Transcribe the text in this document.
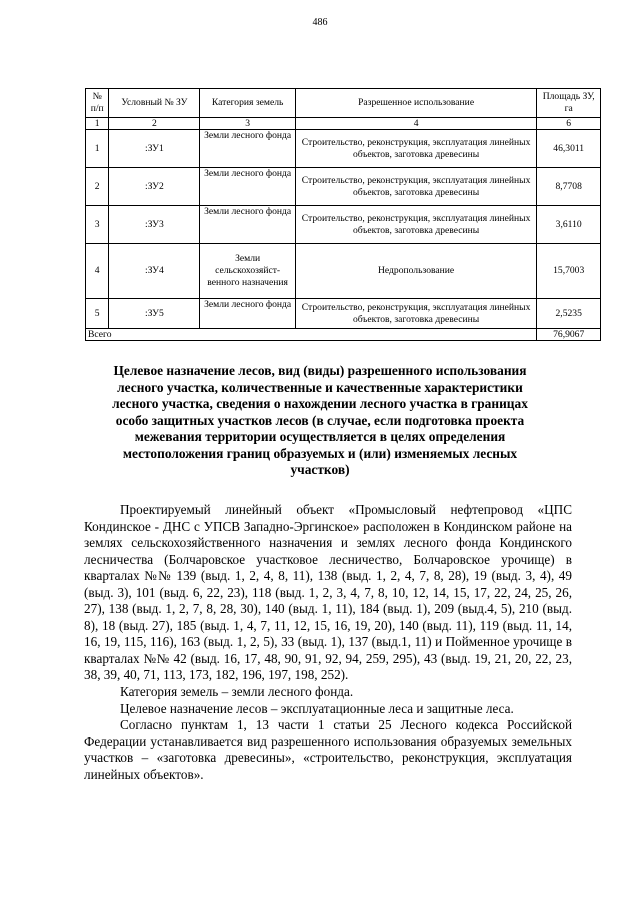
486
№ п/п	Условный № ЗУ	Категория земель	Разрешенное использование	Площадь ЗУ, га
1	2	3	4	6
1	:ЗУ1	Земли лесного фонда	Строительство, реконструкция, эксплуатация линейных объектов, заготовка древесины	46,3011
2	:ЗУ2	Земли лесного фонда	Строительство, реконструкция, эксплуатация линейных объектов, заготовка древесины	8,7708
3	:ЗУ3	Земли лесного фонда	Строительство, реконструкция, эксплуатация линейных объектов, заготовка древесины	3,6110
4	:ЗУ4	Земли сельскохозяйст-венного назначения	Недропользование	15,7003
5	:ЗУ5	Земли лесного фонда	Строительство, реконструкция, эксплуатация линейных объектов, заготовка древесины	2,5235
Всего				76,9067
Целевое назначение лесов, вид (виды) разрешенного использования лесного участка, количественные и качественные характеристики лесного участка, сведения о нахождении лесного участка в границах особо защитных участков лесов (в случае, если подготовка проекта межевания территории осуществляется в целях определения местоположения границ образуемых и (или) изменяемых лесных участков)

Проектируемый линейный объект «Промысловый нефтепровод «ЦПС Кондинское - ДНС с УПСВ Западно-Эргинское» расположен в Кондинском районе на землях сельскохозяйственного назначения и землях лесного фонда Кондинского лесничества (Болчаровское участковое лесничество, Болчаровское урочище) в кварталах №№ 139 (выд. 1, 2, 4, 8, 11), 138 (выд. 1, 2, 4, 7, 8, 28), 19 (выд. 3, 4), 49 (выд. 3), 101 (выд. 6, 22, 23), 118 (выд. 1, 2, 3, 4, 7, 8, 10, 12, 14, 15, 17, 22, 24, 25, 26, 27), 138 (выд. 1, 2, 7, 8, 28, 30), 140 (выд. 1, 11), 184 (выд. 1), 209 (выд.4, 5), 210 (выд. 8), 18 (выд. 27), 185 (выд. 1, 4, 7, 11, 12, 15, 16, 19, 20), 140 (выд. 11), 119 (выд. 11, 14, 16, 19, 115, 116), 163 (выд. 1, 2, 5), 33 (выд. 1), 137 (выд.1, 11) и Пойменное урочище в кварталах №№ 42 (выд. 16, 17, 48, 90, 91, 92, 94, 259, 295), 43 (выд. 19, 21, 20, 22, 23, 38, 39, 40, 71, 113, 173, 182, 196, 197, 198, 252).

Категория земель – земли лесного фонда.

Целевое назначение лесов – эксплуатационные леса и защитные леса.

Согласно пунктам 1, 13 части 1 статьи 25 Лесного кодекса Российской Федерации устанавливается вид разрешенного использования образуемых земельных участков – «заготовка древесины», «строительство, реконструкция, эксплуатация линейных объектов».
